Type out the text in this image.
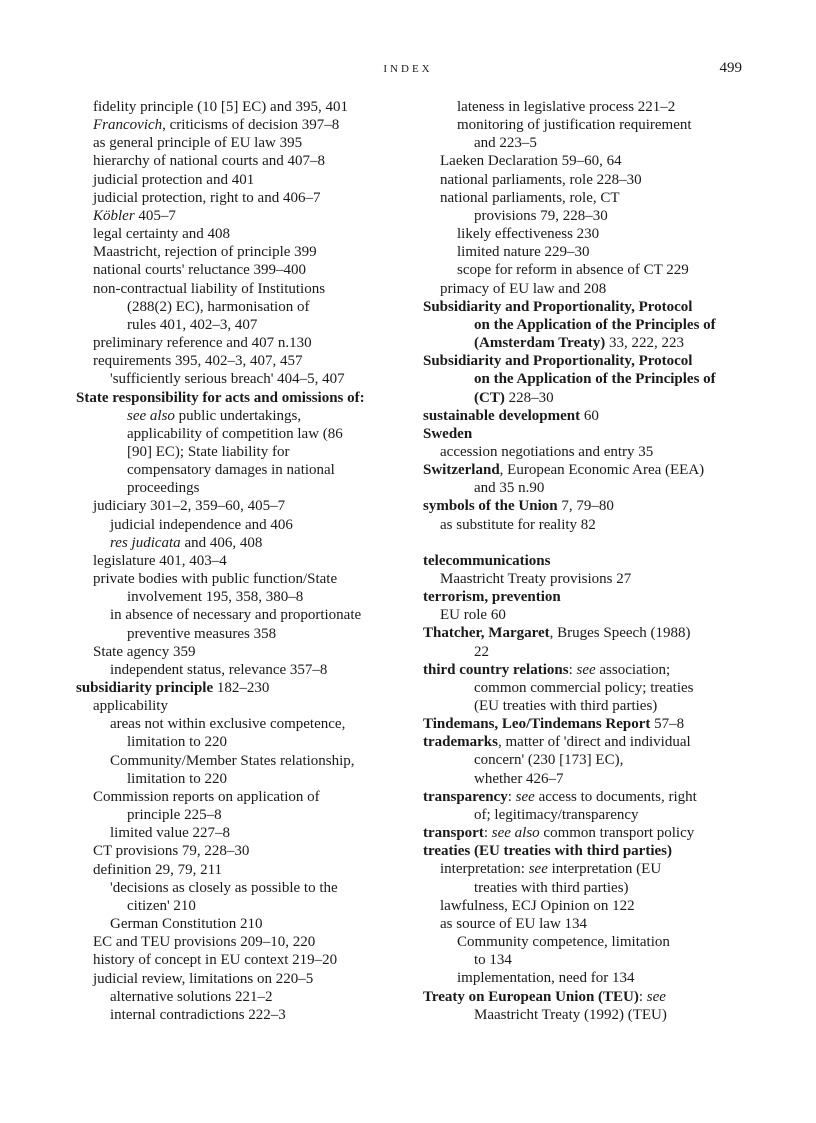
INDEX	499
fidelity principle (10 [5] EC) and 395, 401
Francovich, criticisms of decision 397–8
as general principle of EU law 395
hierarchy of national courts and 407–8
judicial protection and 401
judicial protection, right to and 406–7
Köbler 405–7
legal certainty and 408
Maastricht, rejection of principle 399
national courts' reluctance 399–400
non-contractual liability of Institutions
(288(2) EC), harmonisation of
rules 401, 402–3, 407
preliminary reference and 407 n.130
requirements 395, 402–3, 407, 457
'sufficiently serious breach' 404–5, 407
State responsibility for acts and omissions of:
see also public undertakings,
applicability of competition law (86
[90] EC); State liability for
compensatory damages in national
proceedings
judiciary 301–2, 359–60, 405–7
judicial independence and 406
res judicata and 406, 408
legislature 401, 403–4
private bodies with public function/State
involvement 195, 358, 380–8
in absence of necessary and proportionate
preventive measures 358
State agency 359
independent status, relevance 357–8
subsidiarity principle 182–230
applicability
areas not within exclusive competence,
limitation to 220
Community/Member States relationship,
limitation to 220
Commission reports on application of
principle 225–8
limited value 227–8
CT provisions 79, 228–30
definition 29, 79, 211
'decisions as closely as possible to the
citizen' 210
German Constitution 210
EC and TEU provisions 209–10, 220
history of concept in EU context 219–20
judicial review, limitations on 220–5
alternative solutions 221–2
internal contradictions 222–3
lateness in legislative process 221–2
monitoring of justification requirement
and 223–5
Laeken Declaration 59–60, 64
national parliaments, role 228–30
national parliaments, role, CT
provisions 79, 228–30
likely effectiveness 230
limited nature 229–30
scope for reform in absence of CT 229
primacy of EU law and 208
Subsidiarity and Proportionality, Protocol
on the Application of the Principles of
(Amsterdam Treaty) 33, 222, 223
Subsidiarity and Proportionality, Protocol
on the Application of the Principles of
(CT) 228–30
sustainable development 60
Sweden
accession negotiations and entry 35
Switzerland, European Economic Area (EEA)
and 35 n.90
symbols of the Union 7, 79–80
as substitute for reality 82
telecommunications
Maastricht Treaty provisions 27
terrorism, prevention
EU role 60
Thatcher, Margaret, Bruges Speech (1988)
22
third country relations: see association;
common commercial policy; treaties
(EU treaties with third parties)
Tindemans, Leo/Tindemans Report 57–8
trademarks, matter of 'direct and individual
concern' (230 [173] EC),
whether 426–7
transparency: see access to documents, right
of; legitimacy/transparency
transport: see also common transport policy
treaties (EU treaties with third parties)
interpretation: see interpretation (EU
treaties with third parties)
lawfulness, ECJ Opinion on 122
as source of EU law 134
Community competence, limitation
to 134
implementation, need for 134
Treaty on European Union (TEU): see
Maastricht Treaty (1992) (TEU)
